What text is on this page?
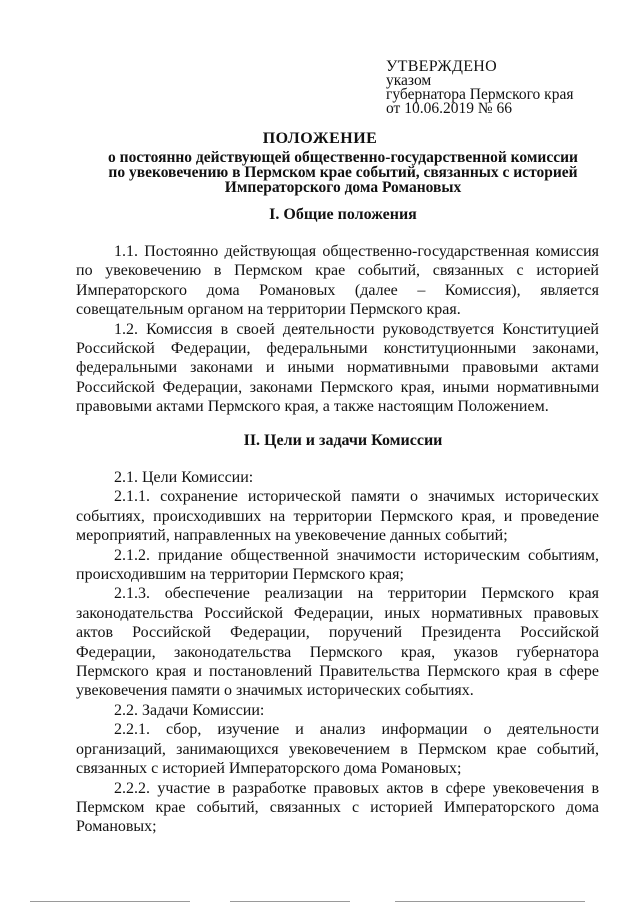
УТВЕРЖДЕНО
указом
губернатора Пермского края
от 10.06.2019 № 66
ПОЛОЖЕНИЕ
о постоянно действующей общественно-государственной комиссии
по увековечению в Пермском крае событий, связанных с историей
Императорского дома Романовых
I. Общие положения

1.1. Постоянно действующая общественно-государственная комиссия по увековечению в Пермском крае событий, связанных с историей Императорского дома Романовых (далее – Комиссия), является совещательным органом на территории Пермского края.

1.2. Комиссия в своей деятельности руководствуется Конституцией Российской Федерации, федеральными конституционными законами, федеральными законами и иными нормативными правовыми актами Российской Федерации, законами Пермского края, иными нормативными правовыми актами Пермского края, а также настоящим Положением.

II. Цели и задачи Комиссии

2.1. Цели Комиссии:

2.1.1. сохранение исторической памяти о значимых исторических событиях, происходивших на территории Пермского края, и проведение мероприятий, направленных на увековечение данных событий;

2.1.2. придание общественной значимости историческим событиям, происходившим на территории Пермского края;

2.1.3. обеспечение реализации на территории Пермского края законодательства Российской Федерации, иных нормативных правовых актов Российской Федерации, поручений Президента Российской Федерации, законодательства Пермского края, указов губернатора Пермского края и постановлений Правительства Пермского края в сфере увековечения памяти о значимых исторических событиях.

2.2. Задачи Комиссии:

2.2.1. сбор, изучение и анализ информации о деятельности организаций, занимающихся увековечением в Пермском крае событий, связанных с историей Императорского дома Романовых;

2.2.2. участие в разработке правовых актов в сфере увековечения в Пермском крае событий, связанных с историей Императорского дома Романовых;
